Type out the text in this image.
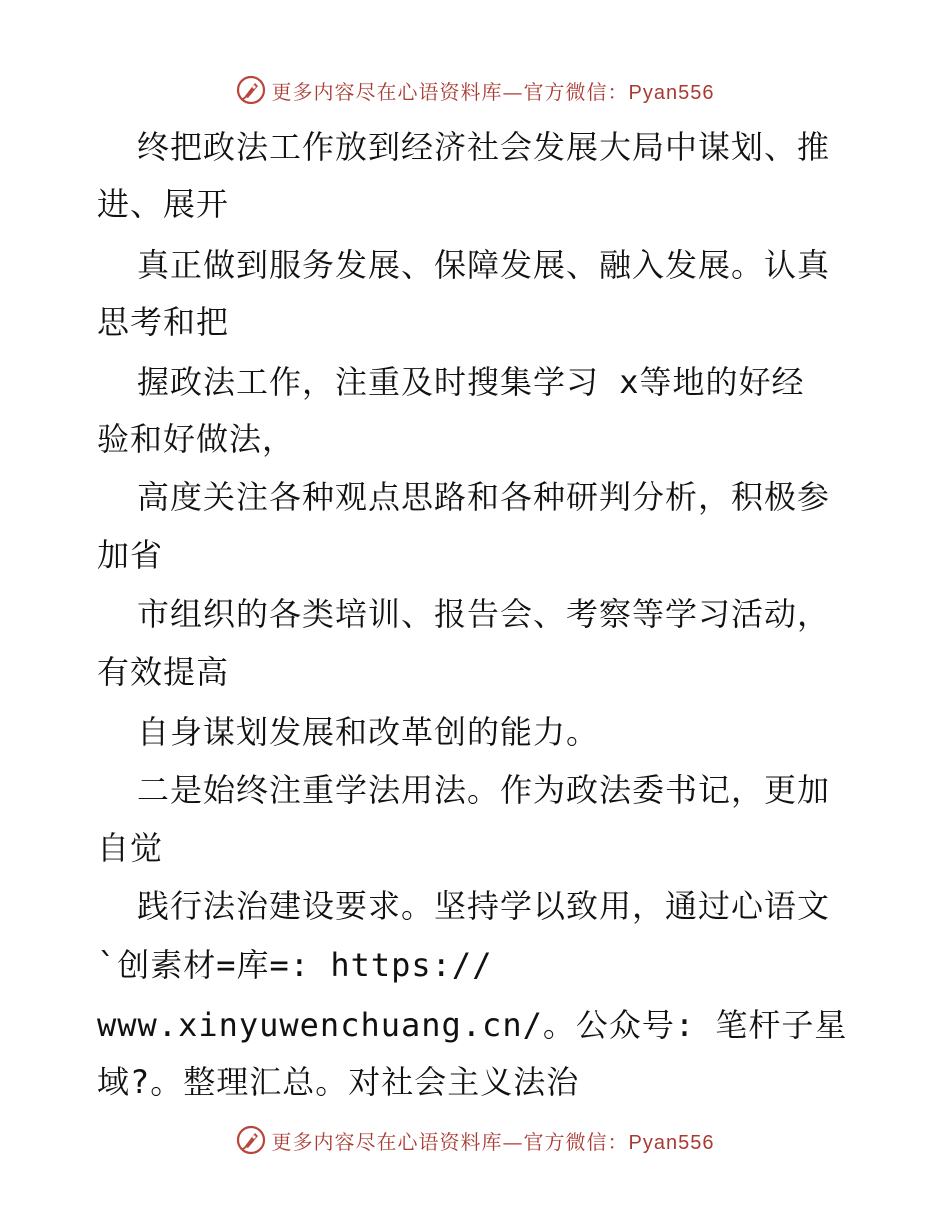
更多内容尽在心语资料库—官方微信：Pyan556
终把政法工作放到经济社会发展大局中谋划、推
进、展开
真正做到服务发展、保障发展、融入发展。认真
思考和把
握政法工作，注重及时搜集学习 x等地的好经
验和好做法，
高度关注各种观点思路和各种研判分析，积极参
加省
市组织的各类培训、报告会、考察等学习活动，
有效提高
自身谋划发展和改革创的能力。
二是始终注重学法用法。作为政法委书记，更加
自觉
践行法治建设要求。坚持学以致用，通过心语文
`创素材=库=: https://
www.xinyuwenchuang.cn/。公众号: 笔杆子星
域?。整理汇总。对社会主义法治
更多内容尽在心语资料库—官方微信：Pyan556
